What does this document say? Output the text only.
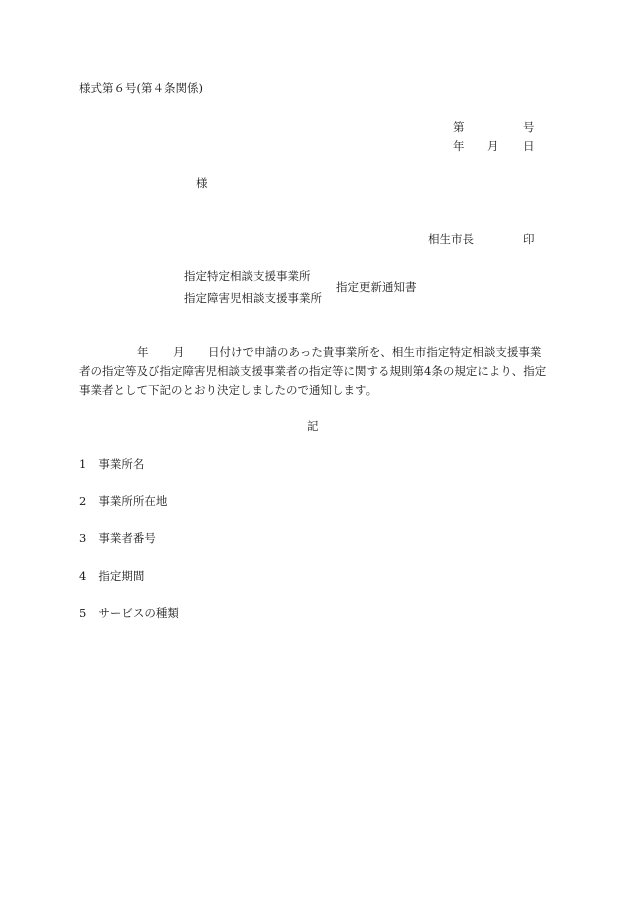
様式第６号(第４条関係)
第	号
年 月 日
様
相生市長	印
指定特定相談支援事業所
指定障害児相談支援事業所
指定更新通知書
年 月 日付けで申請のあった貴事業所を、相生市指定特定相談支援事業
者の指定等及び指定障害児相談支援事業者の指定等に関する規則第4条の規定により、指定
事業者として下記のとおり決定しましたので通知します。
記
1 事業所名
2 事業所所在地
3 事業者番号
4 指定期間
5 サービスの種類
